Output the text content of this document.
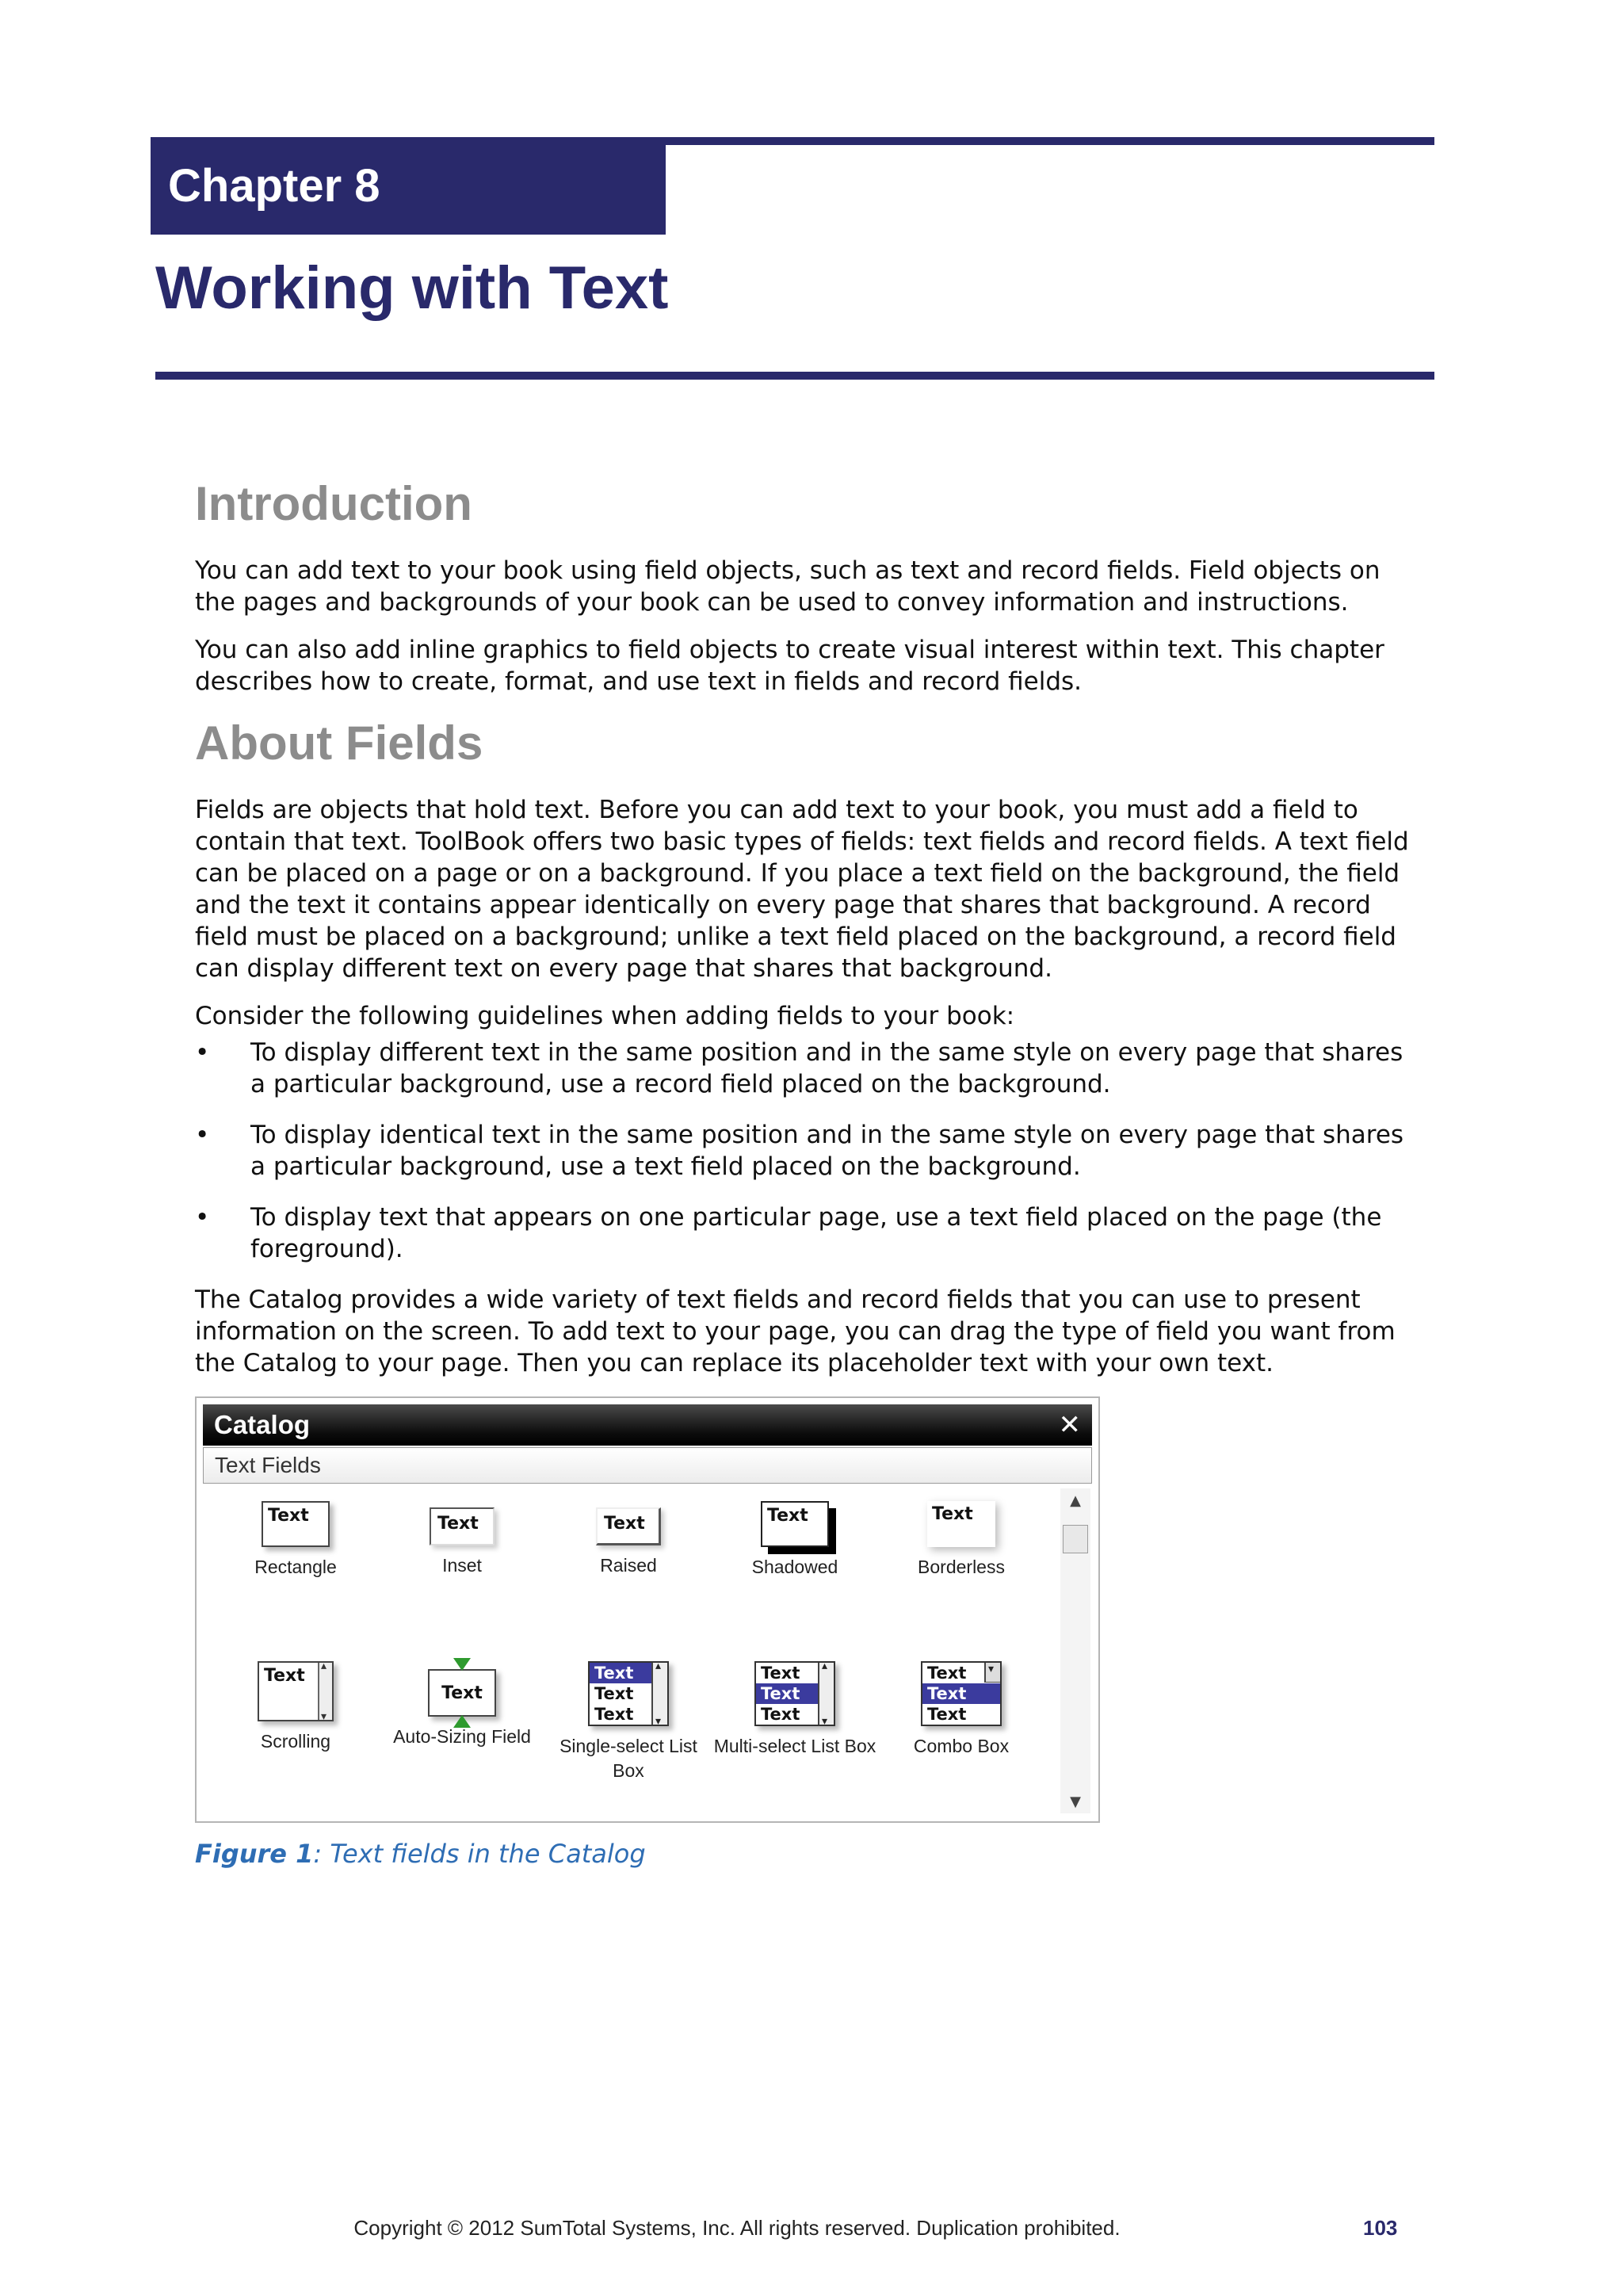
Chapter 8
Working with Text
Introduction

You can add text to your book using field objects, such as text and record fields. Field objects on the pages and backgrounds of your book can be used to convey information and instructions.

You can also add inline graphics to field objects to create visual interest within text. This chapter describes how to create, format, and use text in fields and record fields.

About Fields

Fields are objects that hold text. Before you can add text to your book, you must add a field to contain that text. ToolBook offers two basic types of fields: text fields and record fields. A text field can be placed on a page or on a background. If you place a text field on the background, the field and the text it contains appear identically on every page that shares that background. A record field must be placed on a background; unlike a text field placed on the background, a record field can display different text on every page that shares that background.

Consider the following guidelines when adding fields to your book:

• To display different text in the same position and in the same style on every page that shares a particular background, use a record field placed on the background.
• To display identical text in the same position and in the same style on every page that shares a particular background, use a text field placed on the background.
• To display text that appears on one particular page, use a text field placed on the page (the foreground).

The Catalog provides a wide variety of text fields and record fields that you can use to present information on the screen. To add text to your page, you can drag the type of field you want from the Catalog to your page. Then you can replace its placeholder text with your own text.

Catalog	✕
Text Fields
Text
Rectangle
Text
Inset
Text
Raised
Text
Shadowed
Text
Borderless
Text
▴ ▾
Scrolling
Text
Auto-Sizing Field
Text
Text
Text
▴ ▾
Single-select List Box
Text
Text
Text
▴ ▾
Multi-select List Box
Text
Text
Text
▾
Combo Box
▲
▼
Figure 1: Text fields in the Catalog
Copyright © 2012 SumTotal Systems, Inc. All rights reserved. Duplication prohibited.	103
